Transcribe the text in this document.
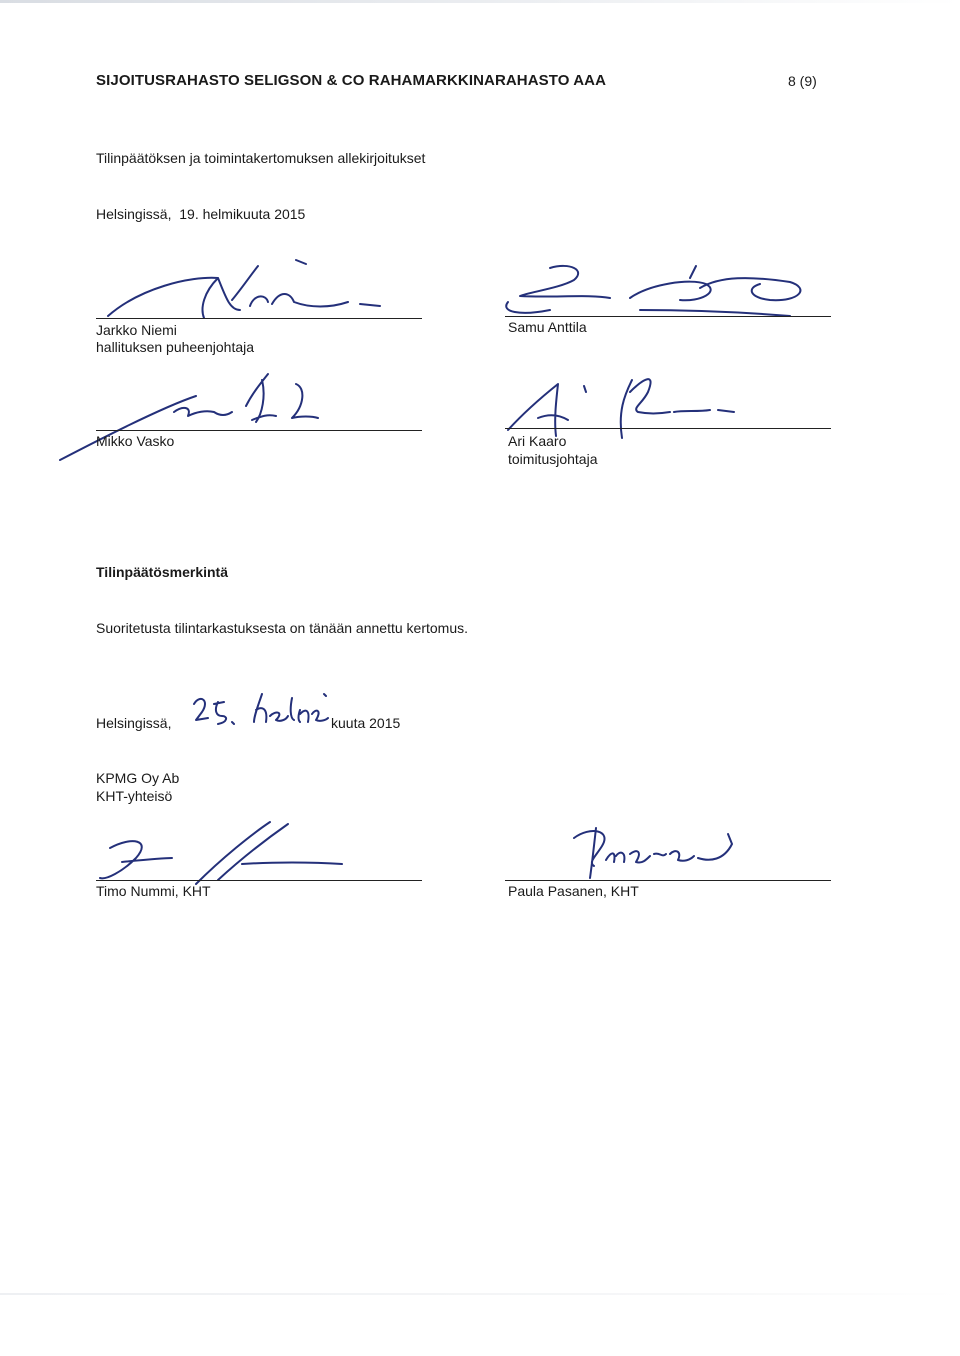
SIJOITUSRAHASTO SELIGSON & CO RAHAMARKKINARAHASTO AAA	8 (9)
Tilinpäätöksen ja toimintakertomuksen allekirjoitukset
Helsingissä,  19. helmikuuta 2015
Jarkko Niemi
hallituksen puheenjohtaja
Samu Anttila
Mikko Vasko	Ari Kaaro
toimitusjohtaja
Tilinpäätösmerkintä
Suoritetusta tilintarkastuksesta on tänään annettu kertomus.
Helsingissä,	kuuta 2015
KPMG Oy Ab
KHT-yhteisö
Timo Nummi, KHT	Paula Pasanen, KHT
